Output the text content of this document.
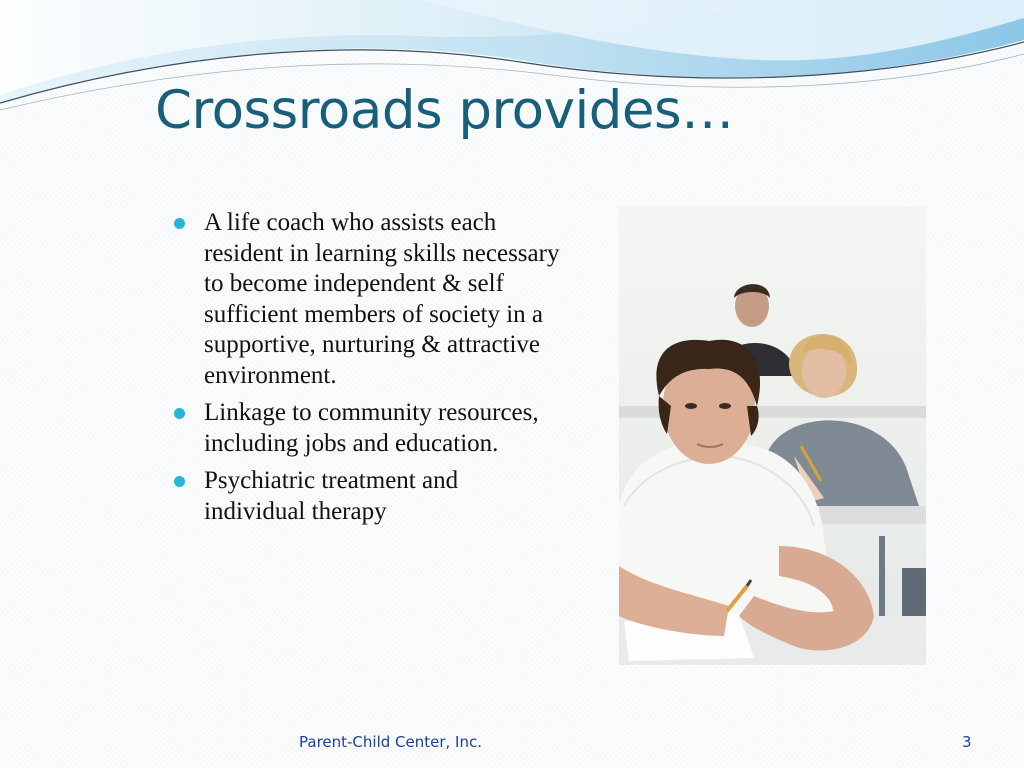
Crossroads provides…
A life coach who assists each resident in learning skills necessary to become independent & self sufficient members of society in a supportive, nurturing & attractive environment.
Linkage to community resources, including jobs and education.
Psychiatric treatment and individual therapy
Parent-Child Center, Inc.	3
